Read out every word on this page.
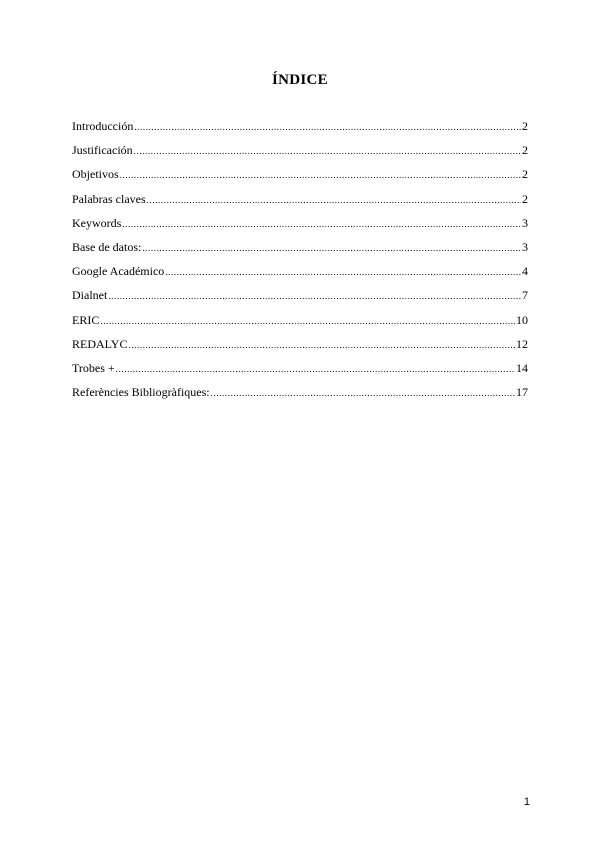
ÍNDICE
Introducción .....	2
Justificación .....	2
Objetivos .....	2
Palabras claves .....	2
Keywords .....	3
Base de datos: .....	3
Google Académico .....	4
Dialnet .....	7
ERIC .....	10
REDALYC .....	12
Trobes + .....	14
Referències Bibliogràfiques: .....	17
1
